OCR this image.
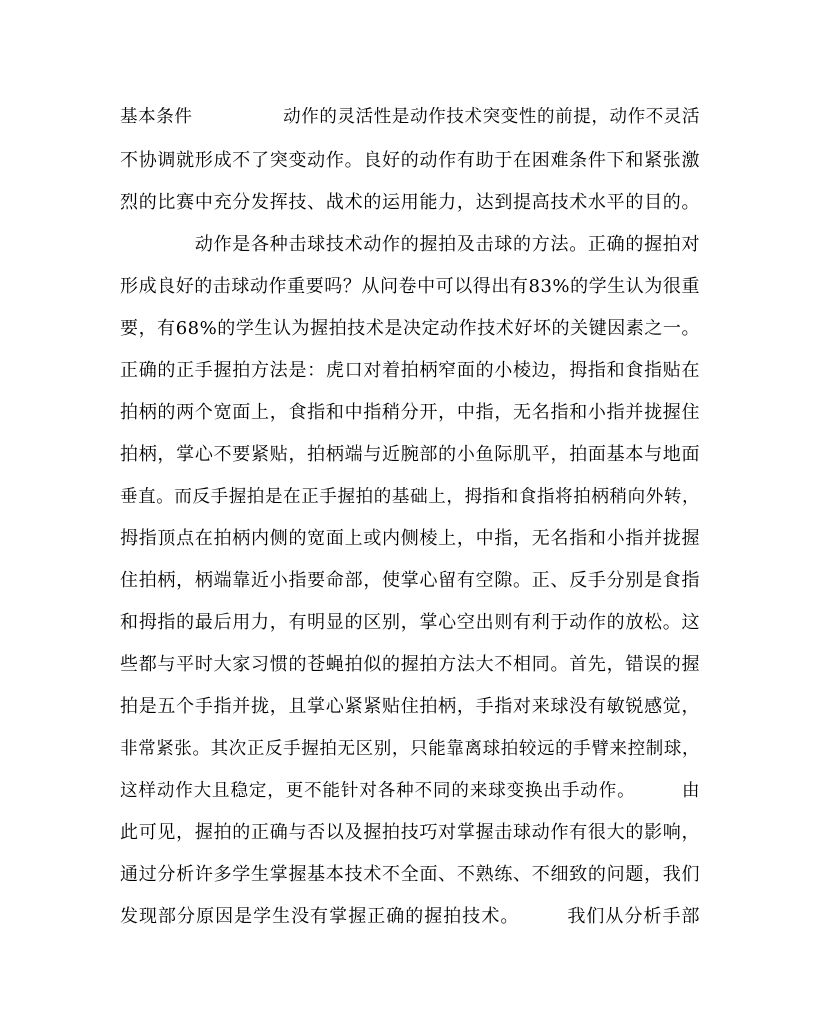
基本条件　　　　　动作的灵活性是动作技术突变性的前提，动作不灵活
不协调就形成不了突变动作。良好的动作有助于在困难条件下和紧张激
烈的比赛中充分发挥技、战术的运用能力，达到提高技术水平的目的。
　　　　动作是各种击球技术动作的握拍及击球的方法。正确的握拍对
形成良好的击球动作重要吗？从问卷中可以得出有83%的学生认为很重
要，有68%的学生认为握拍技术是决定动作技术好坏的关键因素之一。
正确的正手握拍方法是：虎口对着拍柄窄面的小棱边，拇指和食指贴在
拍柄的两个宽面上，食指和中指稍分开，中指，无名指和小指并拢握住
拍柄，掌心不要紧贴，拍柄端与近腕部的小鱼际肌平，拍面基本与地面
垂直。而反手握拍是在正手握拍的基础上，拇指和食指将拍柄稍向外转，
拇指顶点在拍柄内侧的宽面上或内侧棱上，中指，无名指和小指并拢握
住拍柄，柄端靠近小指要命部，使掌心留有空隙。正、反手分别是食指
和拇指的最后用力，有明显的区别，掌心空出则有利于动作的放松。这
些都与平时大家习惯的苍蝇拍似的握拍方法大不相同。首先，错误的握
拍是五个手指并拢，且掌心紧紧贴住拍柄，手指对来球没有敏锐感觉，
非常紧张。其次正反手握拍无区别，只能靠离球拍较远的手臂来控制球，
这样动作大且稳定，更不能针对各种不同的来球变换出手动作。　　　由
此可见，握拍的正确与否以及握拍技巧对掌握击球动作有很大的影响，
通过分析许多学生掌握基本技术不全面、不熟练、不细致的问题，我们
发现部分原因是学生没有掌握正确的握拍技术。　　　我们从分析手部
